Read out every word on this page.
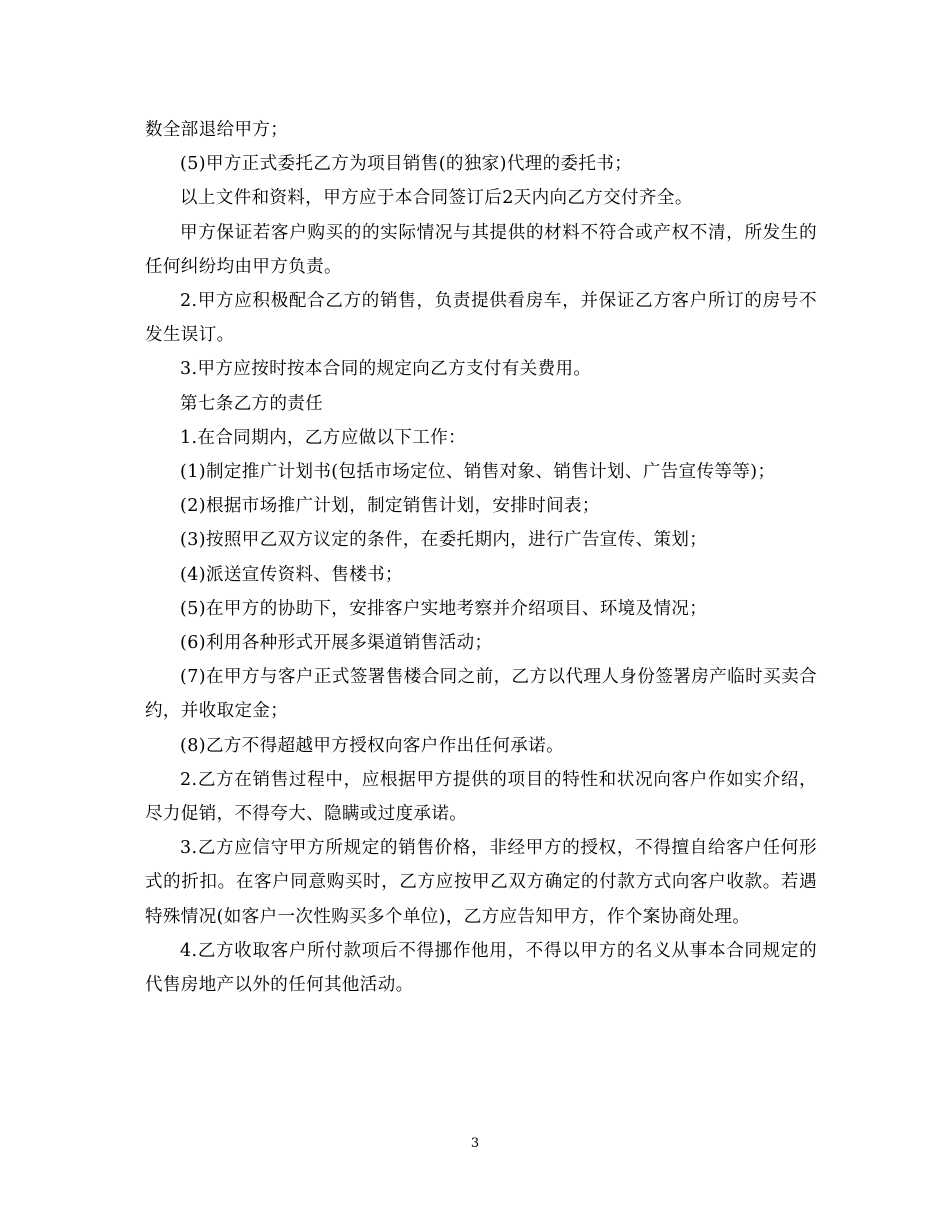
数全部退给甲方；

(5)甲方正式委托乙方为项目销售(的独家)代理的委托书；

以上文件和资料，甲方应于本合同签订后2天内向乙方交付齐全。

甲方保证若客户购买的的实际情况与其提供的材料不符合或产权不清，所发生的任何纠纷均由甲方负责。

2.甲方应积极配合乙方的销售，负责提供看房车，并保证乙方客户所订的房号不发生误订。

3.甲方应按时按本合同的规定向乙方支付有关费用。

第七条乙方的责任

1.在合同期内，乙方应做以下工作：

(1)制定推广计划书(包括市场定位、销售对象、销售计划、广告宣传等等)；

(2)根据市场推广计划，制定销售计划，安排时间表；

(3)按照甲乙双方议定的条件，在委托期内，进行广告宣传、策划；

(4)派送宣传资料、售楼书；

(5)在甲方的协助下，安排客户实地考察并介绍项目、环境及情况；

(6)利用各种形式开展多渠道销售活动；

(7)在甲方与客户正式签署售楼合同之前，乙方以代理人身份签署房产临时买卖合约，并收取定金；

(8)乙方不得超越甲方授权向客户作出任何承诺。

2.乙方在销售过程中，应根据甲方提供的项目的特性和状况向客户作如实介绍，尽力促销，不得夸大、隐瞒或过度承诺。

3.乙方应信守甲方所规定的销售价格，非经甲方的授权，不得擅自给客户任何形式的折扣。在客户同意购买时，乙方应按甲乙双方确定的付款方式向客户收款。若遇特殊情况(如客户一次性购买多个单位)，乙方应告知甲方，作个案协商处理。

4.乙方收取客户所付款项后不得挪作他用，不得以甲方的名义从事本合同规定的代售房地产以外的任何其他活动。

3
